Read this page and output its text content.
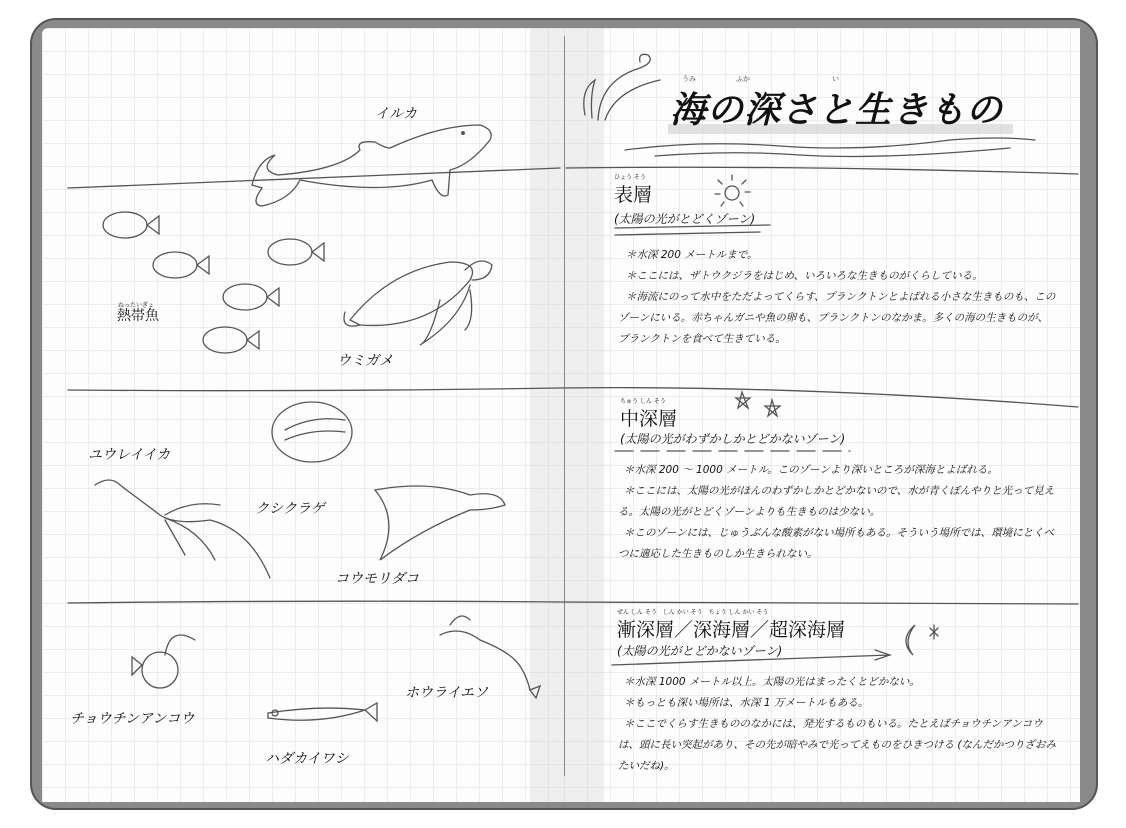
イルカ
ねったいぎょ
熱帯魚
ウミガメ
ユウレイイカ
クシクラゲ
コウモリダコ
チョウチンアンコウ
ハダカイワシ
ホウライエソ
うみ	ふか	い
海の深さと生きもの
ひょう そう
表層
(太陽の光がとどくゾーン)

＊水深 200 メートルまで。

＊ここには、ザトウクジラをはじめ、いろいろな生きものがくらしている。

＊海流にのって水中をただよってくらす、プランクトンとよばれる小さな生きものも、このゾーンにいる。赤ちゃんガニや魚の卵も、プランクトンのなかま。多くの海の生きものが、プランクトンを食べて生きている。

ちゅう しん そう
中深層
(太陽の光がわずかしかとどかないゾーン)

＊水深 200 ～ 1000 メートル。このゾーンより深いところが深海とよばれる。

＊ここには、太陽の光がほんのわずかしかとどかないので、水が青くぼんやりと光って見える。太陽の光がとどくゾーンよりも生きものは少ない。

＊このゾーンには、じゅうぶんな酸素がない場所もある。そういう場所では、環境にとくべつに適応した生きものしか生きられない。

ぜん しん そう　しん かい そう　ちょう しん かい そう
漸深層／深海層／超深海層
(太陽の光がとどかないゾーン)

＊水深 1000 メートル以上。太陽の光はまったくとどかない。

＊もっとも深い場所は、水深 1 万メートルもある。

＊ここでくらす生きもののなかには、発光するものもいる。たとえばチョウチンアンコウは、頭に長い突起があり、その先が暗やみで光ってえものをひきつける (なんだかつりざおみたいだね)。
